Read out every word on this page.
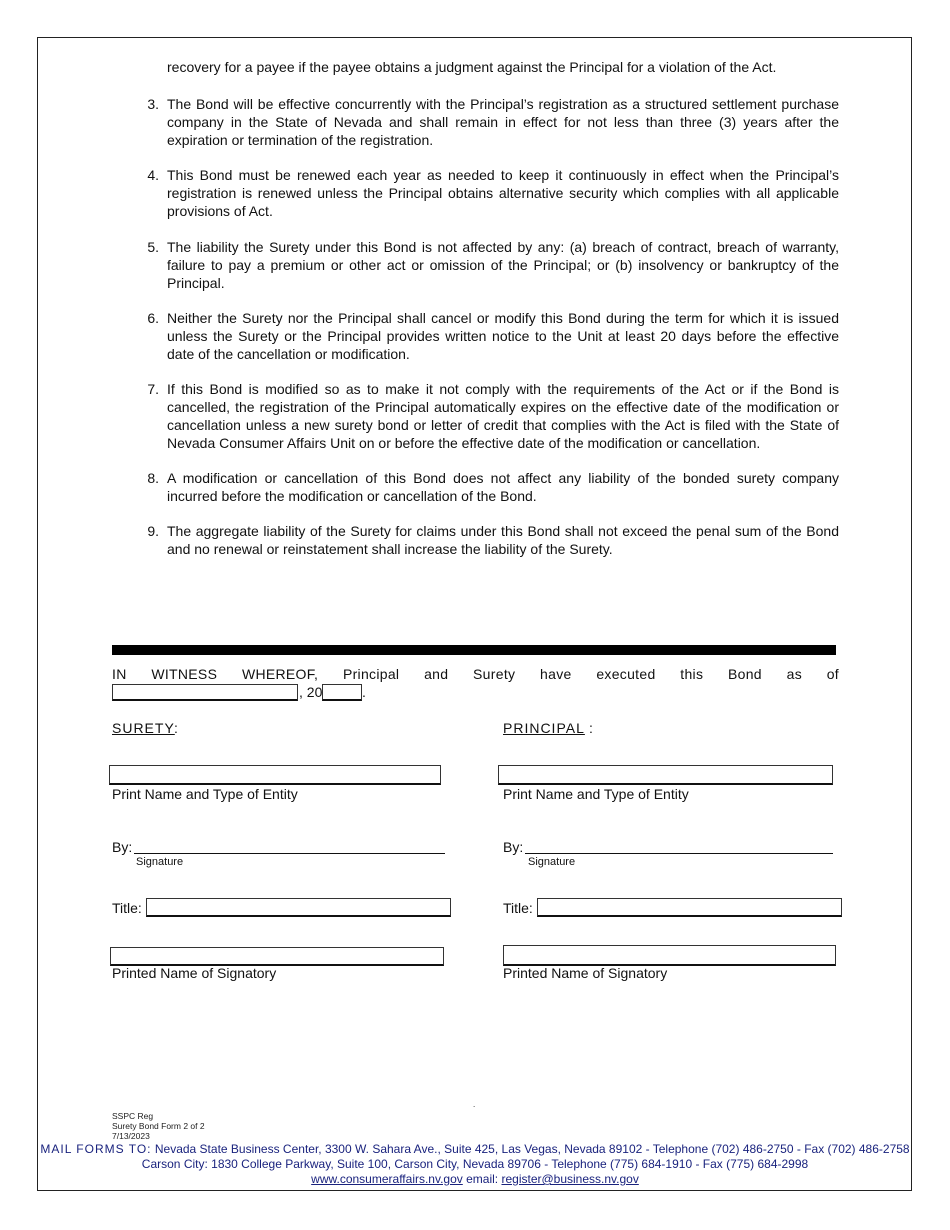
recovery for a payee if the payee obtains a judgment against the Principal for a violation of the Act.
3. The Bond will be effective concurrently with the Principal’s registration as a structured settlement purchase company in the State of Nevada and shall remain in effect for not less than three (3) years after the expiration or termination of the registration.
4. This Bond must be renewed each year as needed to keep it continuously in effect when the Principal’s registration is renewed unless the Principal obtains alternative security which complies with all applicable provisions of Act.
5. The liability the Surety under this Bond is not affected by any: (a) breach of contract, breach of warranty, failure to pay a premium or other act or omission of the Principal; or (b) insolvency or bankruptcy of the Principal.
6. Neither the Surety nor the Principal shall cancel or modify this Bond during the term for which it is issued unless the Surety or the Principal provides written notice to the Unit at least 20 days before the effective date of the cancellation or modification.
7. If this Bond is modified so as to make it not comply with the requirements of the Act or if the Bond is cancelled, the registration of the Principal automatically expires on the effective date of the modification or cancellation unless a new surety bond or letter of credit that complies with the Act is filed with the State of Nevada Consumer Affairs Unit on or before the effective date of the modification or cancellation.
8. A modification or cancellation of this Bond does not affect any liability of the bonded surety company incurred before the modification or cancellation of the Bond.
9. The aggregate liability of the Surety for claims under this Bond shall not exceed the penal sum of the Bond and no renewal or reinstatement shall increase the liability of the Surety.
IN WITNESS WHEREOF, Principal and Surety have executed this Bond as of
, 20	.
SURETY :
Print Name and Type of Entity
By:
Signature
Title:
Printed Name of Signatory
PRINCIPAL :
Print Name and Type of Entity
By:
Signature
Title:
Printed Name of Signatory
.
SSPC Reg
Surety Bond Form 2 of 2
7/13/2023
MAIL FORMS TO: Nevada State Business Center, 3300 W. Sahara Ave., Suite 425, Las Vegas, Nevada 89102 - Telephone (702) 486-2750 - Fax (702) 486-2758
Carson City: 1830 College Parkway, Suite 100, Carson City, Nevada 89706 - Telephone (775) 684-1910 - Fax (775) 684-2998
www.consumeraffairs.nv.gov email: register@business.nv.gov
